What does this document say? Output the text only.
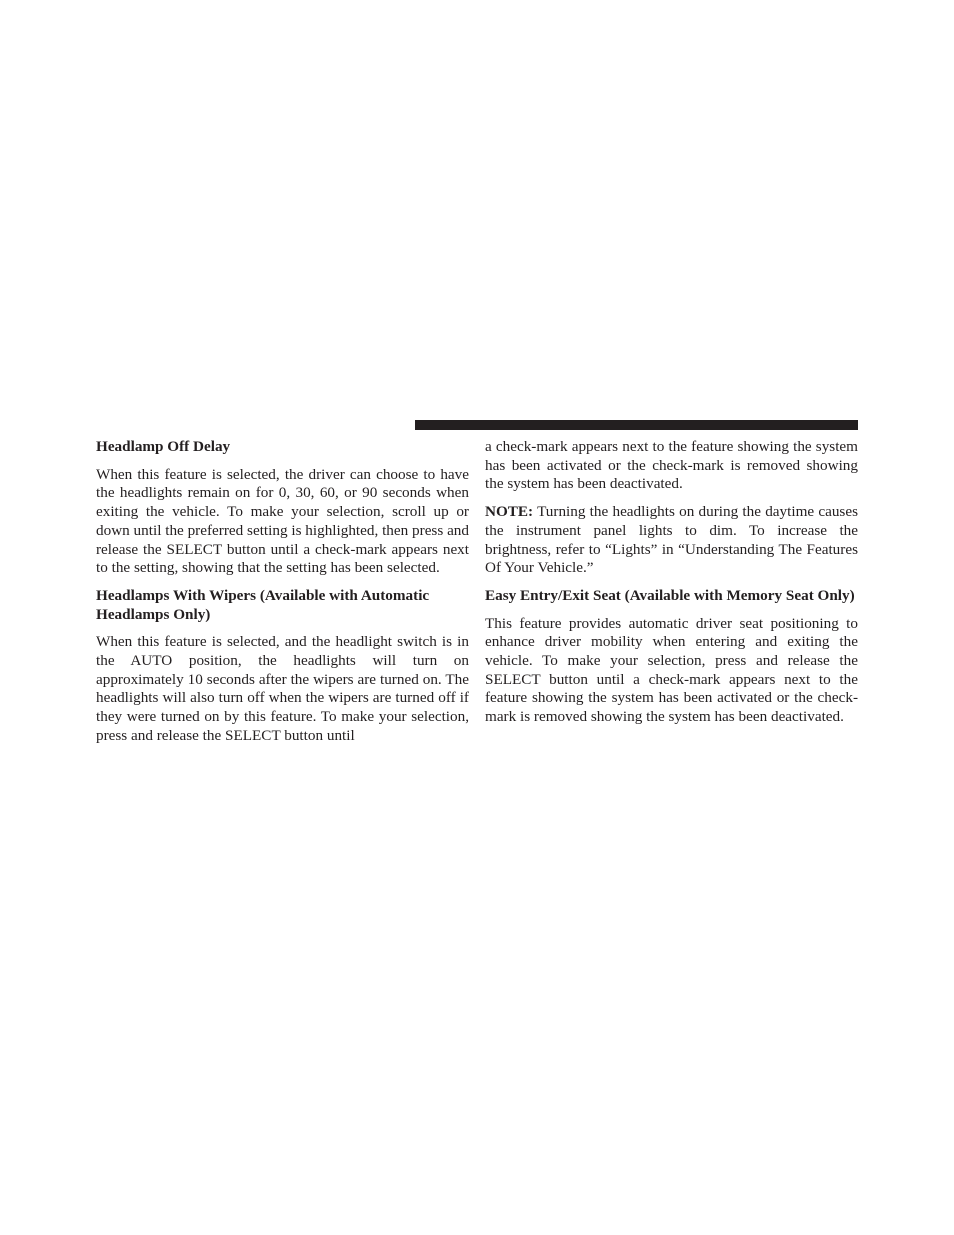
Headlamp Off Delay
When this feature is selected, the driver can choose to have the headlights remain on for 0, 30, 60, or 90 seconds when exiting the vehicle. To make your selection, scroll up or down until the preferred setting is highlighted, then press and release the SELECT button until a check-mark appears next to the setting, showing that the setting has been selected.
Headlamps With Wipers (Available with Automatic Headlamps Only)
When this feature is selected, and the headlight switch is in the AUTO position, the headlights will turn on approximately 10 seconds after the wipers are turned on. The headlights will also turn off when the wipers are turned off if they were turned on by this feature. To make your selection, press and release the SELECT button until
a check-mark appears next to the feature showing the system has been activated or the check-mark is removed showing the system has been deactivated.
NOTE: Turning the headlights on during the daytime causes the instrument panel lights to dim. To increase the brightness, refer to “Lights” in “Understanding The Features Of Your Vehicle.”
Easy Entry/Exit Seat (Available with Memory Seat Only)
This feature provides automatic driver seat positioning to enhance driver mobility when entering and exiting the vehicle. To make your selection, press and release the SELECT button until a check-mark appears next to the feature showing the system has been activated or the check-mark is removed showing the system has been deactivated.
